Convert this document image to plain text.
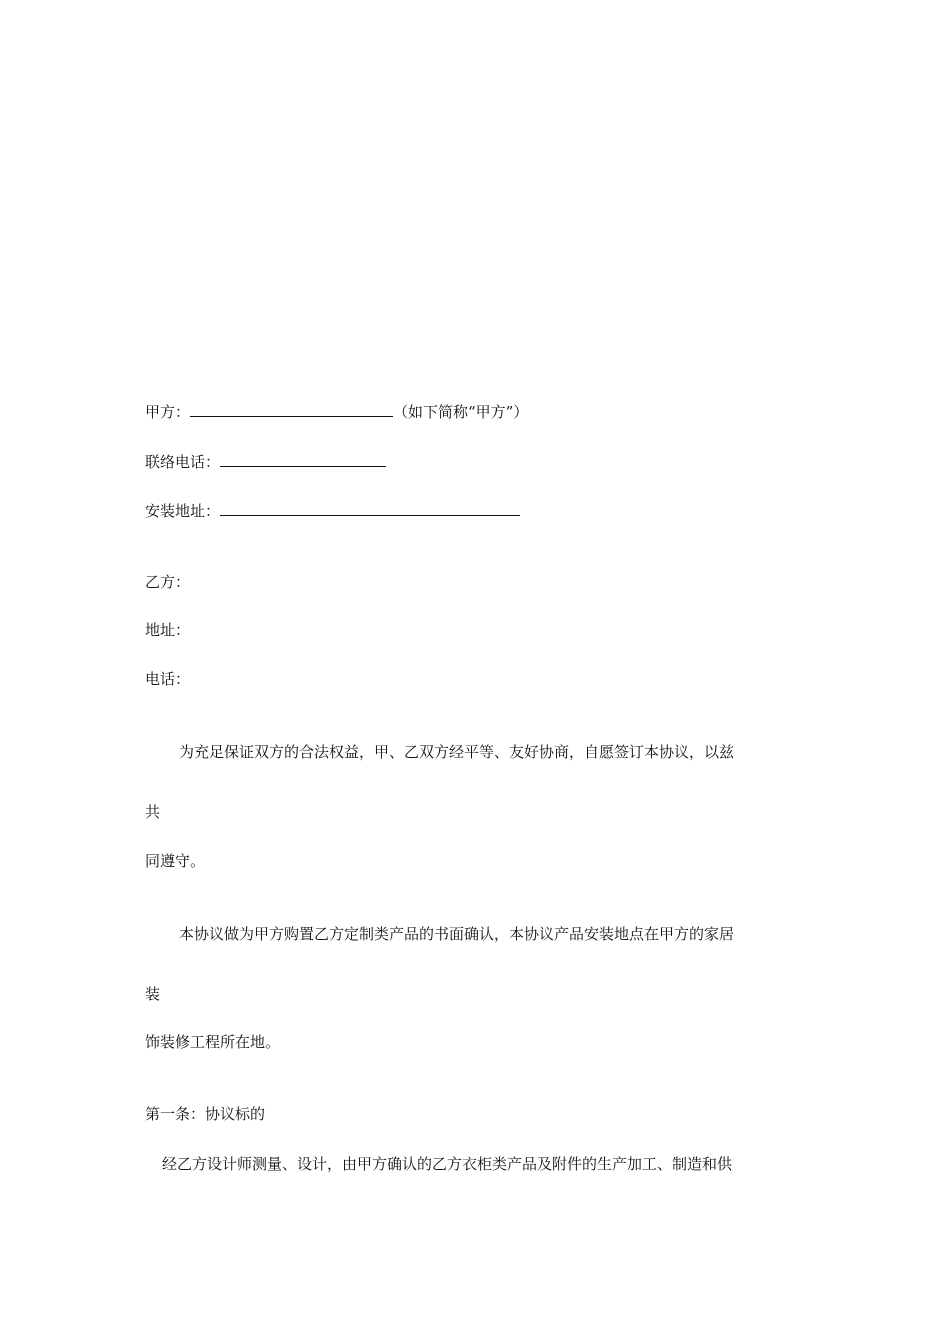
甲方：	（如下简称“甲方”）
联络电话：
安装地址：
乙方：
地址：
电话：
为充足保证双方的合法权益，甲、乙双方经平等、友好协商，自愿签订本协议，以兹
共
同遵守。
本协议做为甲方购置乙方定制类产品的书面确认，本协议产品安装地点在甲方的家居
装
饰装修工程所在地。
第一条：协议标的
经乙方设计师测量、设计，由甲方确认的乙方衣柜类产品及附件的生产加工、制造和供
